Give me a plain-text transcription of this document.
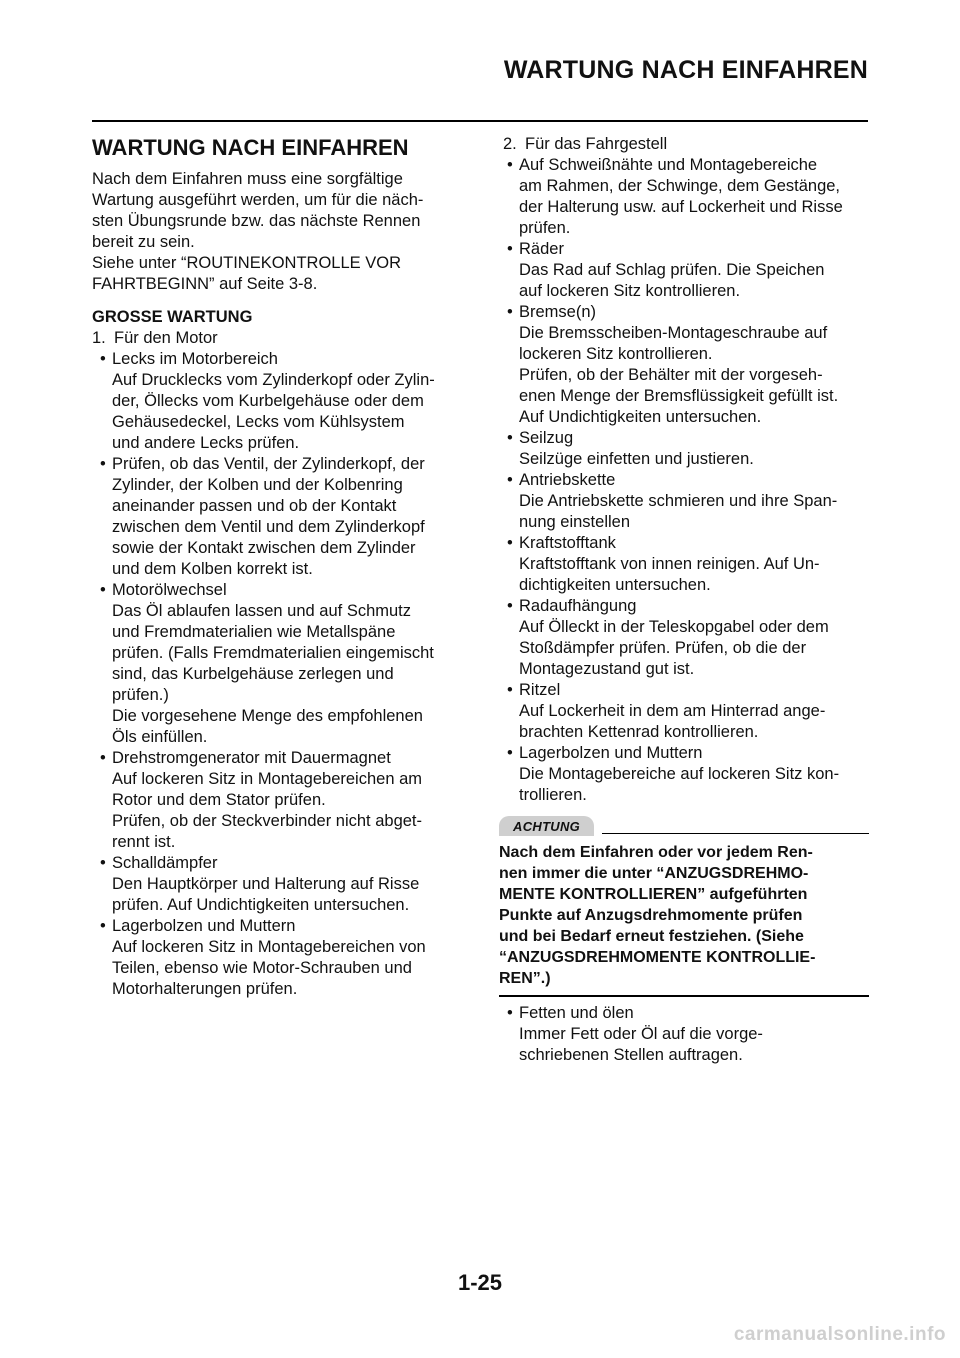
WARTUNG NACH EINFAHREN
WARTUNG NACH EINFAHREN

Nach dem Einfahren muss eine sorgfältige
Wartung ausgeführt werden, um für die näch-
sten Übungsrunde bzw. das nächste Rennen
bereit zu sein.
Siehe unter “ROUTINEKONTROLLE VOR
FAHRTBEGINN” auf Seite 3-8.

GROSSE WARTUNG
1. Für den Motor
• Lecks im Motorbereich
Auf Drucklecks vom Zylinderkopf oder Zylin-
der, Öllecks vom Kurbelgehäuse oder dem
Gehäusedeckel, Lecks vom Kühlsystem
und andere Lecks prüfen.

• Prüfen, ob das Ventil, der Zylinderkopf, der
Zylinder, der Kolben und der Kolbenring
aneinander passen und ob der Kontakt
zwischen dem Ventil und dem Zylinderkopf
sowie der Kontakt zwischen dem Zylinder
und dem Kolben korrekt ist.

• Motorölwechsel
Das Öl ablaufen lassen und auf Schmutz
und Fremdmaterialien wie Metallspäne
prüfen. (Falls Fremdmaterialien eingemischt
sind, das Kurbelgehäuse zerlegen und
prüfen.)
Die vorgesehene Menge des empfohlenen
Öls einfüllen.

• Drehstromgenerator mit Dauermagnet
Auf lockeren Sitz in Montagebereichen am
Rotor und dem Stator prüfen.
Prüfen, ob der Steckverbinder nicht abget-
rennt ist.

• Schalldämpfer
Den Hauptkörper und Halterung auf Risse
prüfen. Auf Undichtigkeiten untersuchen.

• Lagerbolzen und Muttern
Auf lockeren Sitz in Montagebereichen von
Teilen, ebenso wie Motor-Schrauben und
Motorhalterungen prüfen.

2. Für das Fahrgestell
• Auf Schweißnähte und Montagebereiche
am Rahmen, der Schwinge, dem Gestänge,
der Halterung usw. auf Lockerheit und Risse
prüfen.

• Räder
Das Rad auf Schlag prüfen. Die Speichen
auf lockeren Sitz kontrollieren.

• Bremse(n)
Die Bremsscheiben-Montageschraube auf
lockeren Sitz kontrollieren.
Prüfen, ob der Behälter mit der vorgeseh-
enen Menge der Bremsflüssigkeit gefüllt ist.
Auf Undichtigkeiten untersuchen.

• Seilzug
Seilzüge einfetten und justieren.

• Antriebskette
Die Antriebskette schmieren und ihre Span-
nung einstellen

• Kraftstofftank
Kraftstofftank von innen reinigen. Auf Un-
dichtigkeiten untersuchen.

• Radaufhängung
Auf Ölleckt in der Teleskopgabel oder dem
Stoßdämpfer prüfen. Prüfen, ob die der
Montagezustand gut ist.

• Ritzel
Auf Lockerheit in dem am Hinterrad ange-
brachten Kettenrad kontrollieren.

• Lagerbolzen und Muttern
Die Montagebereiche auf lockeren Sitz kon-
trollieren.

ACHTUNG
Nach dem Einfahren oder vor jedem Ren-
nen immer die unter “ANZUGSDREHMO-
MENTE KONTROLLIEREN” aufgeführten
Punkte auf Anzugsdrehmomente prüfen
und bei Bedarf erneut festziehen. (Siehe
“ANZUGSDREHMOMENTE KONTROLLIE-
REN”.)
• Fetten und ölen
Immer Fett oder Öl auf die vorge-
schriebenen Stellen auftragen.

1-25
carmanualsonline.info
